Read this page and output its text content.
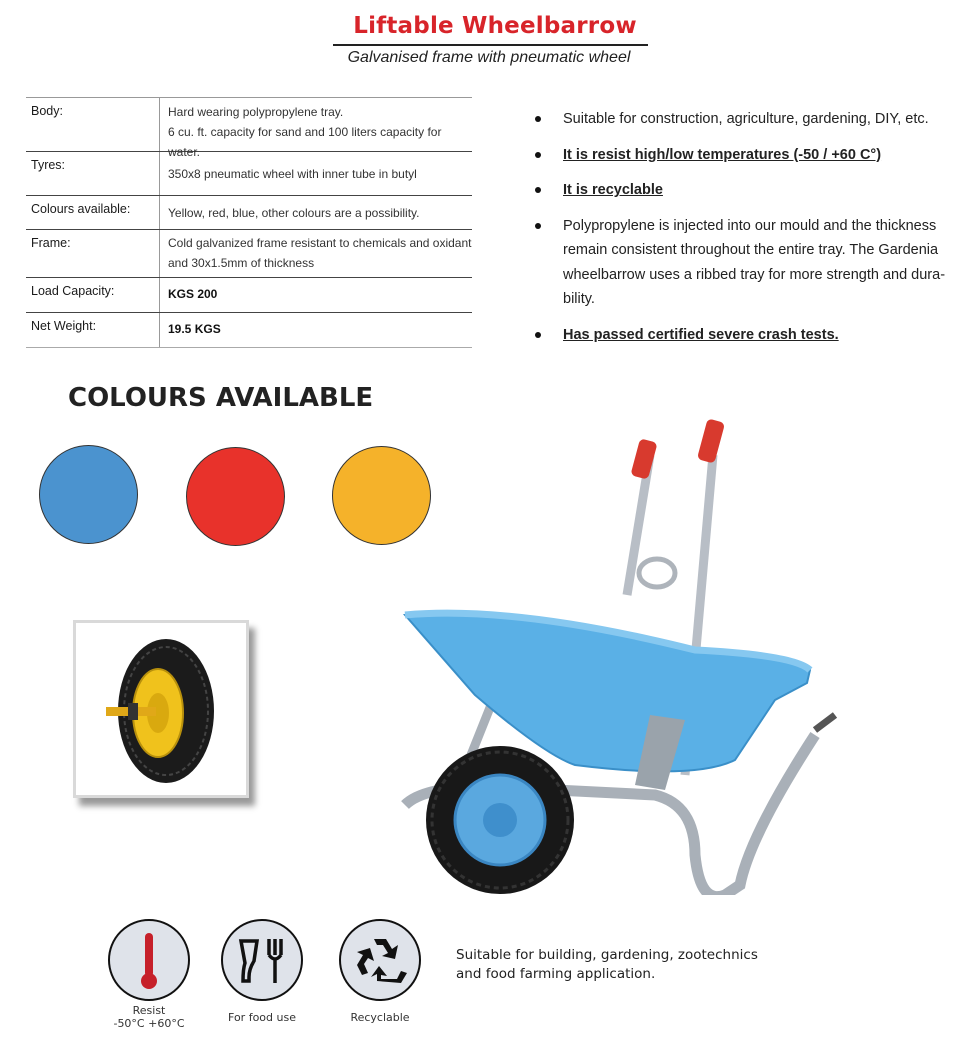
Liftable Wheelbarrow
Galvanised frame with pneumatic wheel
Body:	Hard wearing polypropylene tray.
6 cu. ft. capacity for sand and 100 liters capacity for water.
Tyres:
350x8 pneumatic wheel with inner tube in butyl
Colours available:	Yellow, red, blue, other colours are a possibility.
Frame:	Cold galvanized frame resistant to chemicals and oxidant
and 30x1.5mm of thickness
Load Capacity:	KGS 200
Net Weight:	19.5 KGS
Suitable for construction, agriculture, gardening, DIY, etc.
It is resist high/low temperatures (-50 / +60 C°)
It is recyclable
Polypropylene is injected into our mould and the thickness remain consistent throughout the entire tray. The Gardenia wheelbarrow uses a ribbed tray for more strength and dura-bility.
Has passed certified severe crash tests.
COLOURS AVAILABLE
Resist
-50°C +60°C	For food use	Recyclable
Suitable for building, gardening, zootechnics
and food farming application.
